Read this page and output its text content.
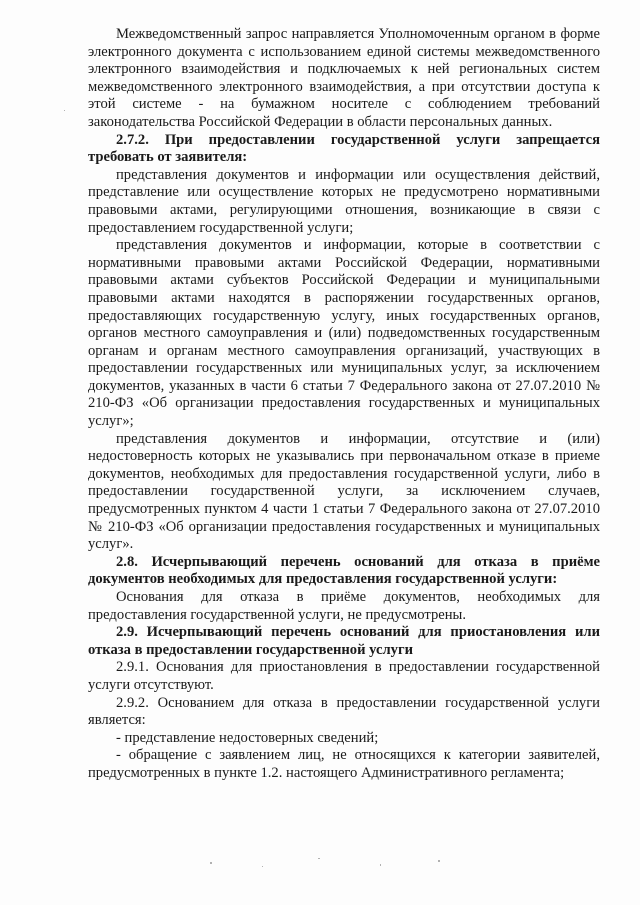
Межведомственный запрос направляется Уполномоченным органом в форме электронного документа с использованием единой системы межведомственного электронного взаимодействия и подключаемых к ней региональных систем межведомственного электронного взаимодействия, а при отсутствии доступа к этой системе - на бумажном носителе с соблюдением требований законодательства Российской Федерации в области персональных данных.

2.7.2. При предоставлении государственной услуги запрещается требовать от заявителя:

представления документов и информации или осуществления действий, представление или осуществление которых не предусмотрено нормативными правовыми актами, регулирующими отношения, возникающие в связи с предоставлением государственной услуги;

представления документов и информации, которые в соответствии с нормативными правовыми актами Российской Федерации, нормативными правовыми актами субъектов Российской Федерации и муниципальными правовыми актами находятся в распоряжении государственных органов, предоставляющих государственную услугу, иных государственных органов, органов местного самоуправления и (или) подведомственных государственным органам и органам местного самоуправления организаций, участвующих в предоставлении государственных или муниципальных услуг, за исключением документов, указанных в части 6 статьи 7 Федерального закона от 27.07.2010 № 210-ФЗ «Об организации предоставления государственных и муниципальных услуг»;

представления документов и информации, отсутствие и (или) недостоверность которых не указывались при первоначальном отказе в приеме документов, необходимых для предоставления государственной услуги, либо в предоставлении государственной услуги, за исключением случаев, предусмотренных пунктом 4 части 1 статьи 7 Федерального закона от 27.07.2010 № 210-ФЗ «Об организации предоставления государственных и муниципальных услуг».

2.8. Исчерпывающий перечень оснований для отказа в приёме документов необходимых для предоставления государственной услуги:

Основания для отказа в приёме документов, необходимых для предоставления государственной услуги, не предусмотрены.

2.9. Исчерпывающий перечень оснований для приостановления или отказа в предоставлении государственной услуги

2.9.1. Основания для приостановления в предоставлении государственной услуги отсутствуют.

2.9.2. Основанием для отказа в предоставлении государственной услуги является:

- представление недостоверных сведений;

- обращение с заявлением лиц, не относящихся к категории заявителей, предусмотренных в пункте 1.2. настоящего Административного регламента;
